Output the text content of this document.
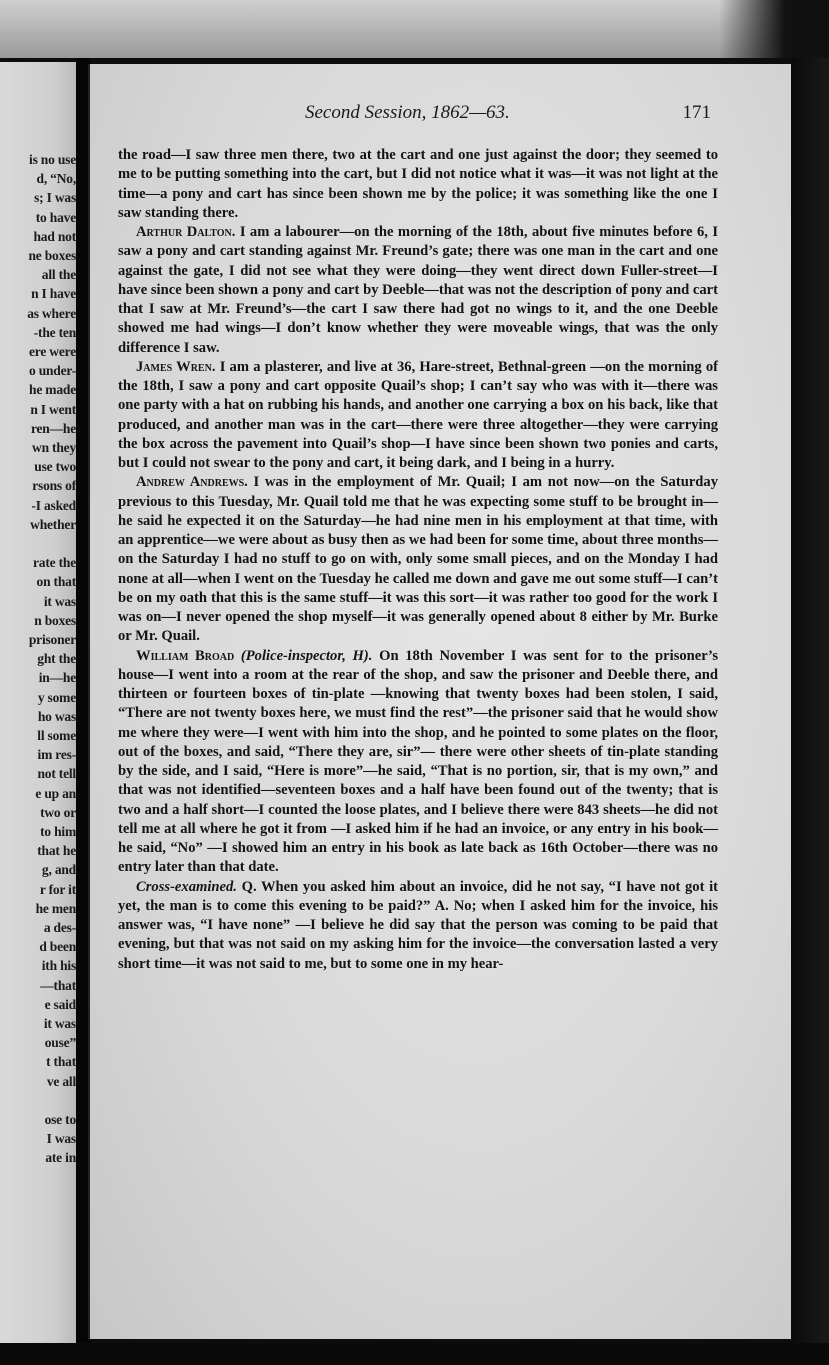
is no use
d, “No,
s; I was
to have
had not
ne boxes
all the
n I have
as where
-the ten
ere were
o under-
he made
n I went
ren—he
wn they
use two
rsons of
-I asked
whether
rate the
on that
it was
n boxes
prisoner
ght the
in—he
y some
ho was
ll some
im res-
not tell
e up an
two or
to him
that he
g, and
r for it
he men
a des-
d been
ith his
—that
e said
it was
ouse”
t that
ve all
ose to
I was
ate in
Second Session, 1862—63.	171

the road—I saw three men there, two at the cart and one just against the door; they seemed to me to be putting something into the cart, but I did not notice what it was—it was not light at the time—a pony and cart has since been shown me by the police; it was something like the one I saw standing there.

Arthur Dalton. I am a labourer—on the morning of the 18th, about five minutes before 6, I saw a pony and cart standing against Mr. Freund’s gate; there was one man in the cart and one against the gate, I did not see what they were doing—they went direct down Fuller-street—I have since been shown a pony and cart by Deeble—that was not the description of pony and cart that I saw at Mr. Freund’s—the cart I saw there had got no wings to it, and the one Deeble showed me had wings—I don’t know whether they were moveable wings, that was the only difference I saw.

James Wren. I am a plasterer, and live at 36, Hare-street, Bethnal-green —on the morning of the 18th, I saw a pony and cart opposite Quail’s shop; I can’t say who was with it—there was one party with a hat on rubbing his hands, and another one carrying a box on his back, like that produced, and another man was in the cart—there were three altogether—they were carrying the box across the pavement into Quail’s shop—I have since been shown two ponies and carts, but I could not swear to the pony and cart, it being dark, and I being in a hurry.

Andrew Andrews. I was in the employment of Mr. Quail; I am not now—on the Saturday previous to this Tuesday, Mr. Quail told me that he was expecting some stuff to be brought in—he said he expected it on the Saturday—he had nine men in his employment at that time, with an apprentice—we were about as busy then as we had been for some time, about three months—on the Saturday I had no stuff to go on with, only some small pieces, and on the Monday I had none at all—when I went on the Tuesday he called me down and gave me out some stuff—I can’t be on my oath that this is the same stuff—it was this sort—it was rather too good for the work I was on—I never opened the shop myself—it was generally opened about 8 either by Mr. Burke or Mr. Quail.

William Broad (Police-inspector, H). On 18th November I was sent for to the prisoner’s house—I went into a room at the rear of the shop, and saw the prisoner and Deeble there, and thirteen or fourteen boxes of tin-plate —knowing that twenty boxes had been stolen, I said, “There are not twenty boxes here, we must find the rest”—the prisoner said that he would show me where they were—I went with him into the shop, and he pointed to some plates on the floor, out of the boxes, and said, “There they are, sir”— there were other sheets of tin-plate standing by the side, and I said, “Here is more”—he said, “That is no portion, sir, that is my own,” and that was not identified—seventeen boxes and a half have been found out of the twenty; that is two and a half short—I counted the loose plates, and I believe there were 843 sheets—he did not tell me at all where he got it from —I asked him if he had an invoice, or any entry in his book—he said, “No” —I showed him an entry in his book as late back as 16th October—there was no entry later than that date.

Cross-examined. Q. When you asked him about an invoice, did he not say, “I have not got it yet, the man is to come this evening to be paid?” A. No; when I asked him for the invoice, his answer was, “I have none” —I believe he did say that the person was coming to be paid that evening, but that was not said on my asking him for the invoice—the conversation lasted a very short time—it was not said to me, but to some one in my hear-
